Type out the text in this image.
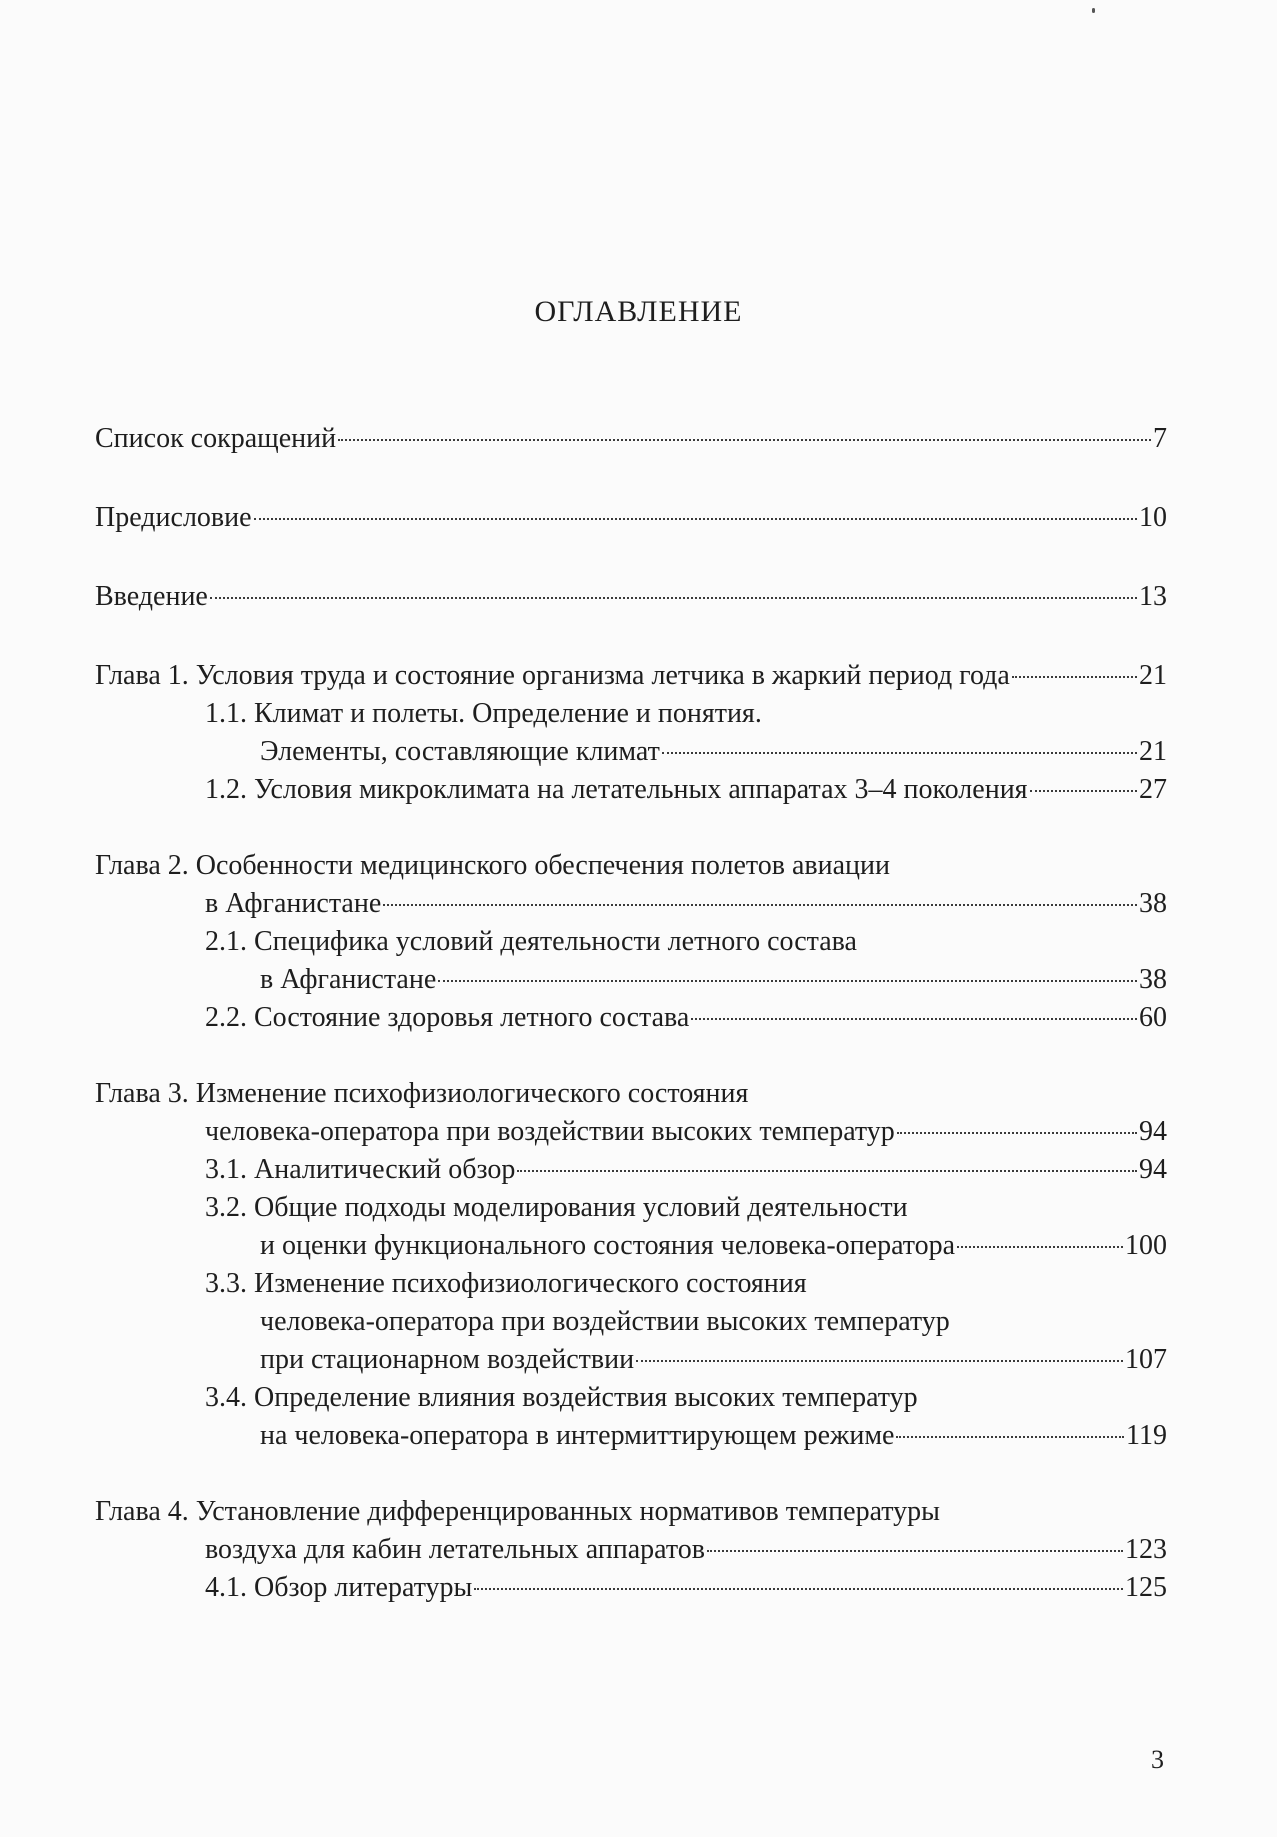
ОГЛАВЛЕНИЕ
Список сокращений	7
Предисловие	10
Введение	13
Глава 1. Условия труда и состояние организма летчика в жаркий период года	21
1.1. Климат и полеты. Определение и понятия.
Элементы, составляющие климат	21
1.2. Условия микроклимата на летательных аппаратах 3–4 поколения	27
Глава 2. Особенности медицинского обеспечения полетов авиации
в Афганистане	38
2.1. Специфика условий деятельности летного состава
в Афганистане	38
2.2. Состояние здоровья летного состава	60
Глава 3. Изменение психофизиологического состояния
человека-оператора при воздействии высоких температур	94
3.1. Аналитический обзор	94
3.2. Общие подходы моделирования условий деятельности
и оценки функционального состояния человека-оператора	100
3.3. Изменение психофизиологического состояния
человека-оператора при воздействии высоких температур
при стационарном воздействии	107
3.4. Определение влияния воздействия высоких температур
на человека-оператора в интермиттирующем режиме	119
Глава 4. Установление дифференцированных нормативов температуры
воздуха для кабин летательных аппаратов	123
4.1. Обзор литературы	125
3
